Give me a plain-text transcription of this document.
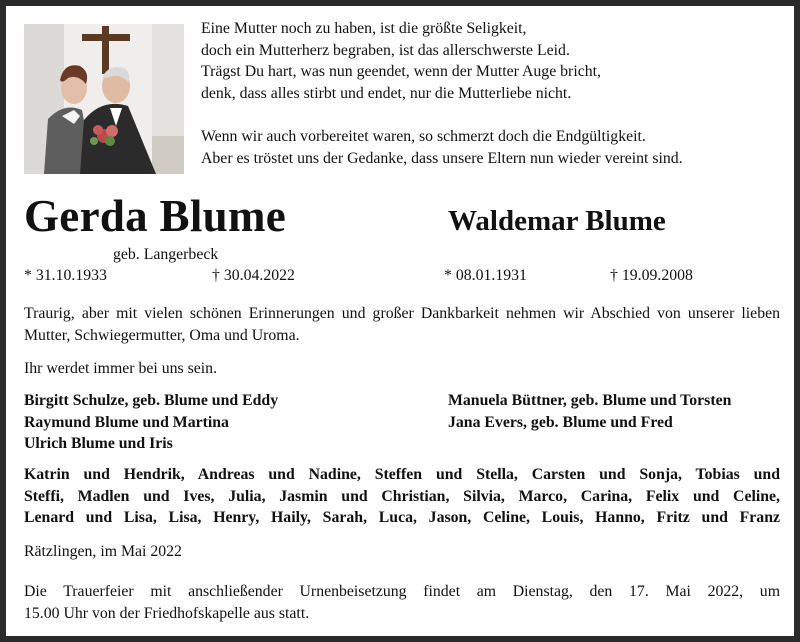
Eine Mutter noch zu haben, ist die größte Seligkeit,

doch ein Mutterherz begraben, ist das allerschwerste Leid.

Trägst Du hart, was nun geendet, wenn der Mutter Auge bricht,

denk, dass alles stirbt und endet, nur die Mutterliebe nicht.

Wenn wir auch vorbereitet waren, so schmerzt doch die Endgültigkeit.

Aber es tröstet uns der Gedanke, dass unsere Eltern nun wieder vereint sind.

Gerda Blume	Waldemar Blume
geb. Langerbeck
* 31.10.1933	† 30.04.2022	* 08.01.1931	† 19.09.2008
Traurig, aber mit vielen schönen Erinnerungen und großer Dankbarkeit nehmen wir Abschied von unserer lieben Mutter, Schwiegermutter, Oma und Uroma.
Ihr werdet immer bei uns sein.
Birgitt Schulze, geb. Blume und Eddy
Raymund Blume und Martina
Ulrich Blume und Iris
Manuela Büttner, geb. Blume und Torsten
Jana Evers, geb. Blume und Fred
Katrin und Hendrik, Andreas und Nadine, Steffen und Stella, Carsten und Sonja, Tobias und
Steffi, Madlen und Ives, Julia, Jasmin und Christian, Silvia, Marco, Carina, Felix und Celine,
Lenard und Lisa, Lisa, Henry, Haily, Sarah, Luca, Jason, Celine, Louis, Hanno, Fritz und Franz
Rätzlingen, im Mai 2022
Die Trauerfeier mit anschließender Urnenbeisetzung findet am Dienstag, den 17. Mai 2022, um
15.00 Uhr von der Friedhofskapelle aus statt.
